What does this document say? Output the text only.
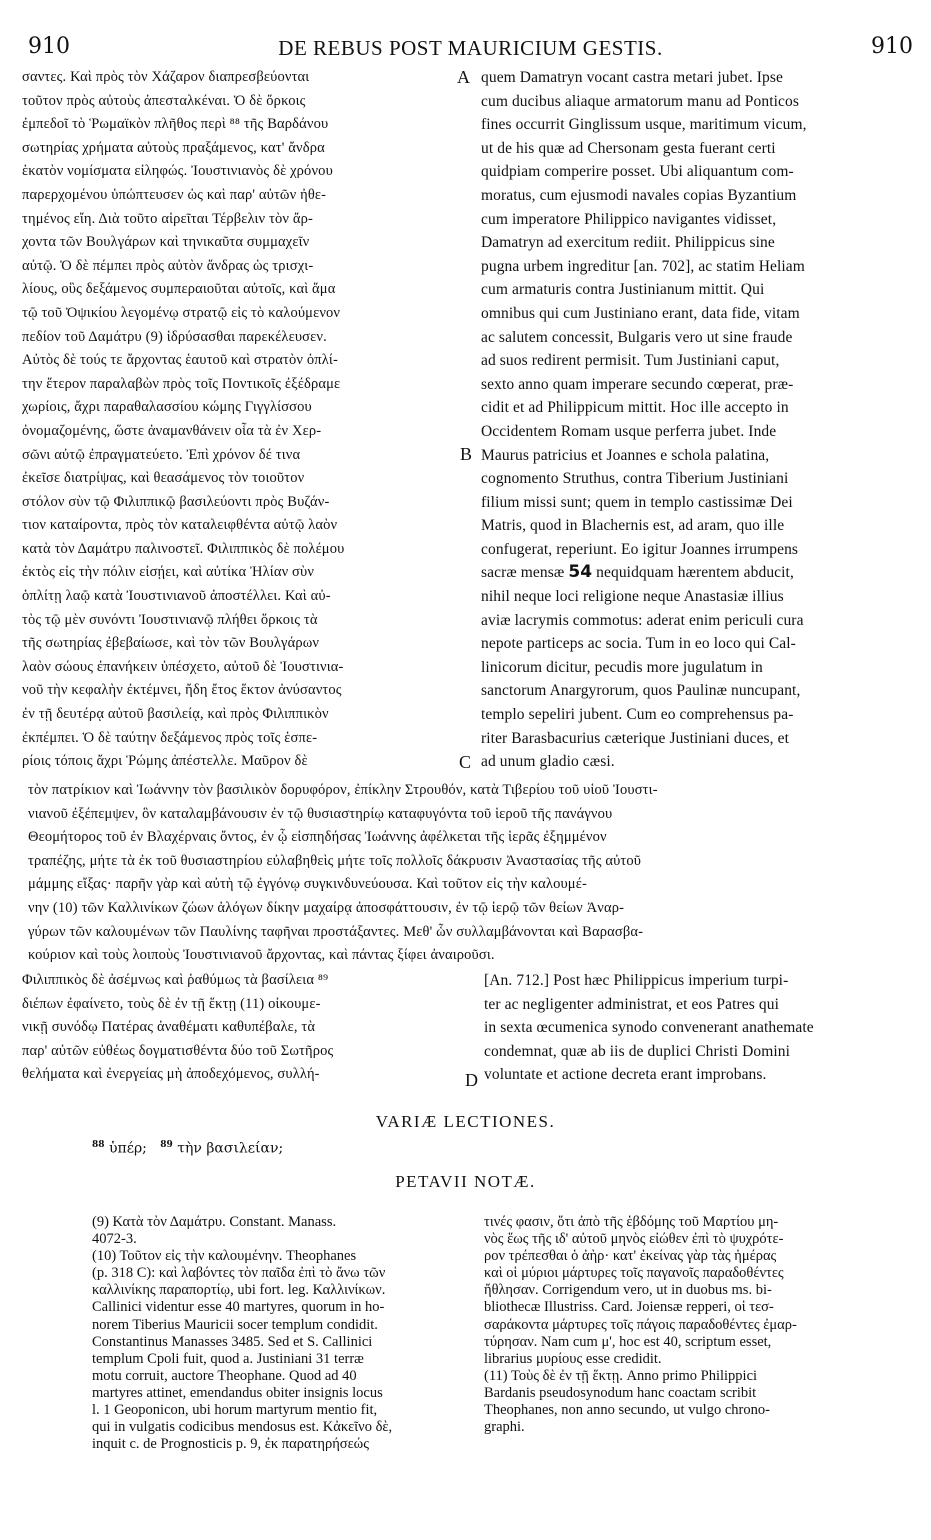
910	DE REBUS POST MAURICIUM GESTIS.	910
σαντες. Καὶ πρὸς τὸν Χάζαρον διαπρεσβεύονται
τοῦτον πρὸς αὐτοὺς ἀπεσταλκέναι. Ὁ δὲ ὅρκοις
ἐμπεδοῖ τὸ Ῥωμαϊκὸν πλῆθος περὶ ⁸⁸ τῆς Βαρδάνου
σωτηρίας χρήματα αὐτοὺς πραξάμενος, κατ' ἄνδρα
ἑκατὸν νομίσματα εἰληφώς. Ἰουστινιανὸς δὲ χρόνου
παρερχομένου ὑπώπτευσεν ὡς καὶ παρ' αὐτῶν ἠθε-
τημένος εἴη. Διὰ τοῦτο αἱρεῖται Τέρβελιν τὸν ἄρ-
χοντα τῶν Βουλγάρων καὶ τηνικαῦτα συμμαχεῖν
αὐτῷ. Ὁ δὲ πέμπει πρὸς αὐτὸν ἄνδρας ὡς τρισχι-
λίους, οὓς δεξάμενος συμπεραιοῦται αὐτοῖς, καὶ ἅμα
τῷ τοῦ Ὀψικίου λεγομένῳ στρατῷ εἰς τὸ καλούμενον
πεδίον τοῦ Δαμάτρυ (9) ἱδρύσασθαι παρεκέλευσεν.
Αὐτὸς δὲ τούς τε ἄρχοντας ἑαυτοῦ καὶ στρατὸν ὁπλί-
την ἕτερον παραλαβὼν πρὸς τοῖς Ποντικοῖς ἐξέδραμε
χωρίοις, ἄχρι παραθαλασσίου κώμης Γιγγλίσσου
ὀνομαζομένης, ὥστε ἀναμανθάνειν οἷα τὰ ἐν Χερ-
σῶνι αὐτῷ ἐπραγματεύετο. Ἐπὶ χρόνον δέ τινα
ἐκεῖσε διατρίψας, καὶ θεασάμενος τὸν τοιοῦτον
στόλον σὺν τῷ Φιλιππικῷ βασιλεύοντι πρὸς Βυζάν-
τιον καταίροντα, πρὸς τὸν καταλειφθέντα αὐτῷ λαὸν
κατὰ τὸν Δαμάτρυ παλινοστεῖ. Φιλιππικὸς δὲ πολέμου
ἐκτὸς εἰς τὴν πόλιν εἰσῄει, καὶ αὐτίκα Ἠλίαν σὺν
ὁπλίτῃ λαῷ κατὰ Ἰουστινιανοῦ ἀποστέλλει. Καὶ αὐ-
τὸς τῷ μὲν συνόντι Ἰουστινιανῷ πλήθει ὅρκοις τὰ
τῆς σωτηρίας ἐβεβαίωσε, καὶ τὸν τῶν Βουλγάρων
λαὸν σώους ἐπανήκειν ὑπέσχετο, αὐτοῦ δὲ Ἰουστινια-
νοῦ τὴν κεφαλὴν ἐκτέμνει, ἤδη ἔτος ἕκτον ἀνύσαντος
ἐν τῇ δευτέρᾳ αὐτοῦ βασιλείᾳ, καὶ πρὸς Φιλιππικὸν
ἐκπέμπει. Ὁ δὲ ταύτην δεξάμενος πρὸς τοῖς ἑσπε-
ρίοις τόποις ἄχρι Ῥώμης ἀπέστελλε. Μαῦρον δὲ
quem Damatryn vocant castra metari jubet. Ipse
cum ducibus aliaque armatorum manu ad Ponticos
fines occurrit Ginglissum usque, maritimum vicum,
ut de his quæ ad Chersonam gesta fuerant certi
quidpiam comperire posset. Ubi aliquantum com-
moratus, cum ejusmodi navales copias Byzantium
cum imperatore Philippico navigantes vidisset,
Damatryn ad exercitum rediit. Philippicus sine
pugna urbem ingreditur [an. 702], ac statim Heliam
cum armaturis contra Justinianum mittit. Qui
omnibus qui cum Justiniano erant, data fide, vitam
ac salutem concessit, Bulgaris vero ut sine fraude
ad suos redirent permisit. Tum Justiniani caput,
sexto anno quam imperare secundo cœperat, præ-
cidit et ad Philippicum mittit. Hoc ille accepto in
Occidentem Romam usque perferra jubet. Inde
Maurus patricius et Joannes e schola palatina,
cognomento Struthus, contra Tiberium Justiniani
filium missi sunt; quem in templo castissimæ Dei
Matris, quod in Blachernis est, ad aram, quo ille
confugerat, reperiunt. Eo igitur Joannes irrumpens
sacræ mensæ 54 nequidquam hærentem abducit,
nihil neque loci religione neque Anastasiæ illius
aviæ lacrymis commotus: aderat enim periculi cura
nepote particeps ac socia. Tum in eo loco qui Cal-
linicorum dicitur, pecudis more jugulatum in
sanctorum Anargyrorum, quos Paulinæ nuncupant,
templo sepeliri jubent. Cum eo comprehensus pa-
riter Barasbacurius cæterique Justiniani duces, et
ad unum gladio cæsi.
A
B
C
D
τὸν πατρίκιον καὶ Ἰωάννην τὸν βασιλικὸν δορυφόρον, ἐπίκλην Στρουθόν, κατὰ Τιβερίου τοῦ υἱοῦ Ἰουστι-
νιανοῦ ἐξέπεμψεν, ὃν καταλαμβάνουσιν ἐν τῷ θυσιαστηρίῳ καταφυγόντα τοῦ ἱεροῦ τῆς πανάγνου
Θεομήτορος τοῦ ἐν Βλαχέρναις ὄντος, ἐν ᾧ εἰσπηδήσας Ἰωάννης ἀφέλκεται τῆς ἱερᾶς ἐξημμένον
τραπέζης, μήτε τὰ ἐκ τοῦ θυσιαστηρίου εὐλαβηθεὶς μήτε τοῖς πολλοῖς δάκρυσιν Ἀναστασίας τῆς αὐτοῦ
μάμμης εἴξας· παρῆν γὰρ καὶ αὐτὴ τῷ ἐγγόνῳ συγκινδυνεύουσα. Καὶ τοῦτον εἰς τὴν καλουμέ-
νην (10) τῶν Καλλινίκων ζώων ἀλόγων δίκην μαχαίρᾳ ἀποσφάττουσιν, ἐν τῷ ἱερῷ τῶν θείων Ἀναρ-
γύρων τῶν καλουμένων τῶν Παυλίνης ταφῆναι προστάξαντες. Μεθ' ὧν συλλαμβάνονται καὶ Βαρασβα-
κούριον καὶ τοὺς λοιποὺς Ἰουστινιανοῦ ἄρχοντας, καὶ πάντας ξίφει ἀναιροῦσι.
Φιλιππικὸς δὲ ἀσέμνως καὶ ῥαθύμως τὰ βασίλεια ⁸⁹
διέπων ἐφαίνετο, τοὺς δὲ ἐν τῇ ἕκτῃ (11) οἰκουμε-
νικῇ συνόδῳ Πατέρας ἀναθέματι καθυπέβαλε, τὰ
παρ' αὐτῶν εὐθέως δογματισθέντα δύο τοῦ Σωτῆρος
θελήματα καὶ ἐνεργείας μὴ ἀποδεχόμενος, συλλή-
[An. 712.] Post hæc Philippicus imperium turpi-
ter ac negligenter administrat, et eos Patres qui
in sexta œcumenica synodo convenerant anathemate
condemnat, quæ ab iis de duplici Christi Domini
voluntate et actione decreta erant improbans.
VARIÆ LECTIONES.
$^{88}$ ὑπέρ; $^{89}$ τὴν βασιλείαν;
PETAVII NOTÆ.
(9) Κατὰ τὸν Δαμάτρυ. Constant. Manass.
4072-3.
(10) Τοῦτον εἰς τὴν καλουμένην. Theophanes
(p. 318 C): καὶ λαβόντες τὸν παῖδα ἐπὶ τὸ ἄνω τῶν
καλλινίκης παραπορτίῳ, ubi fort. leg. Καλλινίκων.
Callinici videntur esse 40 martyres, quorum in ho-
norem Tiberius Mauricii socer templum condidit.
Constantinus Manasses 3485. Sed et S. Callinici
templum Cpoli fuit, quod a. Justiniani 31 terræ
motu corruit, auctore Theophane. Quod ad 40
martyres attinet, emendandus obiter insignis locus
l. 1 Geoponicon, ubi horum martyrum mentio fit,
qui in vulgatis codicibus mendosus est. Κἀκεῖνο δὲ,
inquit c. de Prognosticis p. 9, ἐκ παρατηρήσεώς
τινές φασιν, ὅτι ἀπὸ τῆς ἑβδόμης τοῦ Μαρτίου μη-
νὸς ἕως τῆς ιδ' αὐτοῦ μηνὸς εἰώθεν ἐπὶ τὸ ψυχρότε-
ρον τρέπεσθαι ὁ ἀὴρ· κατ' ἐκείνας γὰρ τὰς ἡμέρας
καὶ οἱ μύριοι μάρτυρες τοῖς παγανοῖς παραδοθέντες
ἤθλησαν. Corrigendum vero, ut in duobus ms. bi-
bliothecæ Illustriss. Card. Joiensæ repperi, οἱ τεσ-
σαράκοντα μάρτυρες τοῖς πάγοις παραδοθέντες ἐμαρ-
τύρησαν. Nam cum μ', hoc est 40, scriptum esset,
librarius μυρίους esse credidit.
(11) Τοὺς δὲ ἐν τῇ ἕκτῃ. Anno primo Philippici
Bardanis pseudosynodum hanc coactam scribit
Theophanes, non anno secundo, ut vulgo chrono-
graphi.
